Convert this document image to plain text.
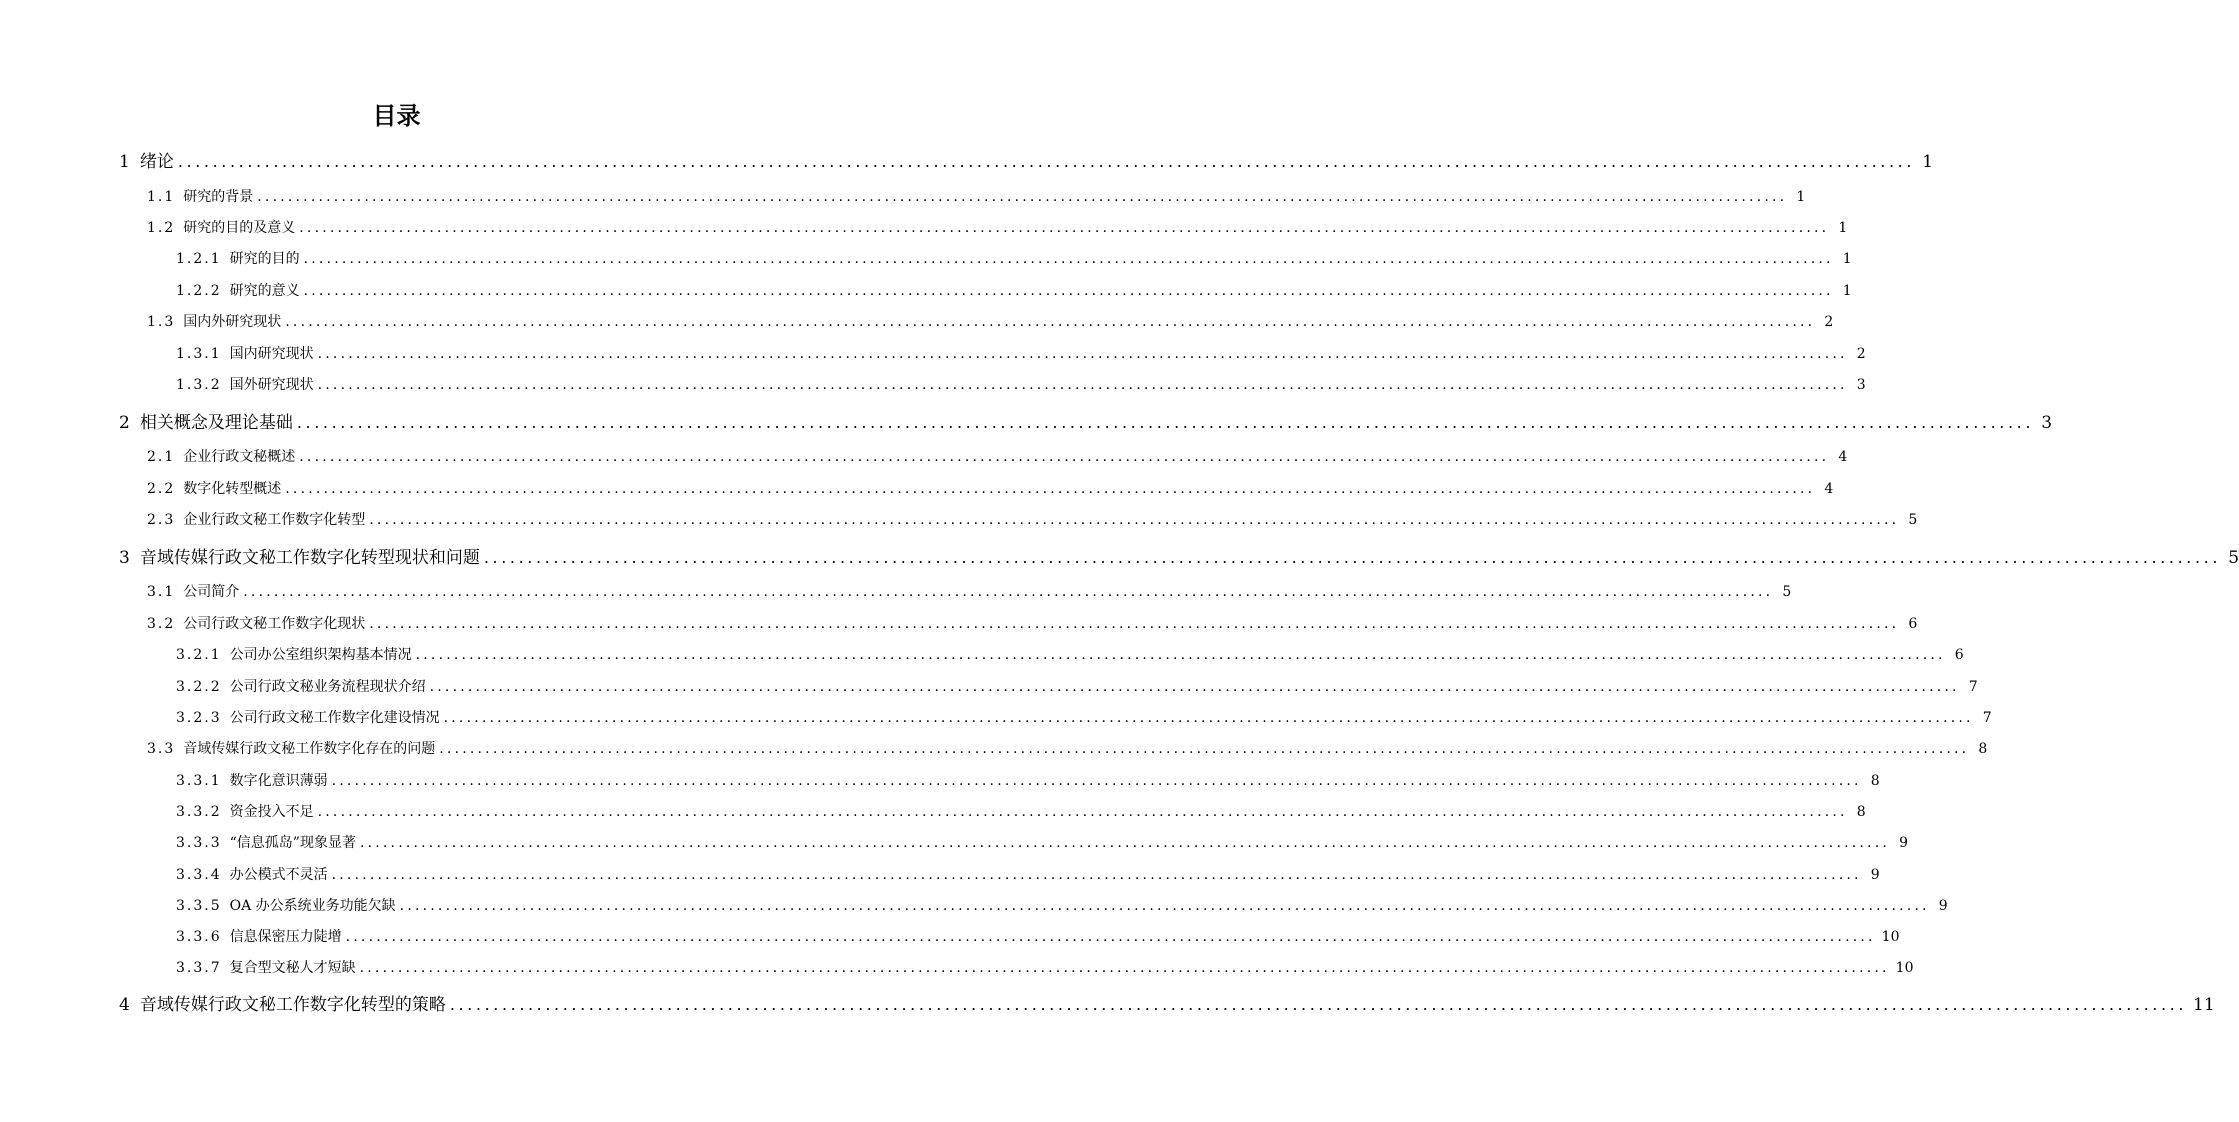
目录
1 绪论 ........................................................................................................................................................................................................ 1
1.1 研究的背景 ........................................................................................................................................................................................................ 1
1.2 研究的目的及意义 ........................................................................................................................................................................................................ 1
1.2.1 研究的目的 ........................................................................................................................................................................................................ 1
1.2.2 研究的意义 ........................................................................................................................................................................................................ 1
1.3 国内外研究现状 ........................................................................................................................................................................................................ 2
1.3.1 国内研究现状 ........................................................................................................................................................................................................ 2
1.3.2 国外研究现状 ........................................................................................................................................................................................................ 3
2 相关概念及理论基础 ........................................................................................................................................................................................................ 3
2.1 企业行政文秘概述 ........................................................................................................................................................................................................ 4
2.2 数字化转型概述 ........................................................................................................................................................................................................ 4
2.3 企业行政文秘工作数字化转型 ........................................................................................................................................................................................................ 5
3 音域传媒行政文秘工作数字化转型现状和问题 ........................................................................................................................................................................................................ 5
3.1 公司简介 ........................................................................................................................................................................................................ 5
3.2 公司行政文秘工作数字化现状 ........................................................................................................................................................................................................ 6
3.2.1 公司办公室组织架构基本情况 ........................................................................................................................................................................................................ 6
3.2.2 公司行政文秘业务流程现状介绍 ........................................................................................................................................................................................................ 7
3.2.3 公司行政文秘工作数字化建设情况 ........................................................................................................................................................................................................ 7
3.3 音域传媒行政文秘工作数字化存在的问题 ........................................................................................................................................................................................................ 8
3.3.1 数字化意识薄弱 ........................................................................................................................................................................................................ 8
3.3.2 资金投入不足 ........................................................................................................................................................................................................ 8
3.3.3 “信息孤岛”现象显著 ........................................................................................................................................................................................................ 9
3.3.4 办公模式不灵活 ........................................................................................................................................................................................................ 9
3.3.5 OA 办公系统业务功能欠缺 ........................................................................................................................................................................................................ 9
3.3.6 信息保密压力陡增 ........................................................................................................................................................................................................ 10
3.3.7 复合型文秘人才短缺 ........................................................................................................................................................................................................ 10
4 音域传媒行政文秘工作数字化转型的策略 ........................................................................................................................................................................................................ 11
